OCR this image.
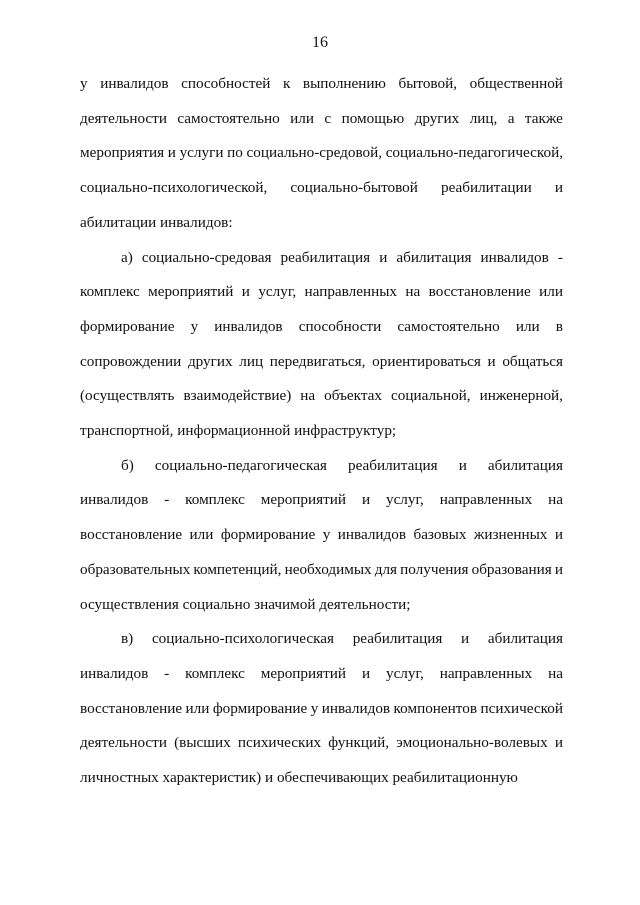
16

у инвалидов способностей к выполнению бытовой, общественной
деятельности самостоятельно или с помощью других лиц, а также
мероприятия и услуги по социально-средовой, социально-педагогической,
социально-психологической, социально-бытовой реабилитации и
абилитации инвалидов:

а) социально-средовая реабилитация и абилитация инвалидов -
комплекс мероприятий и услуг, направленных на восстановление или
формирование у инвалидов способности самостоятельно или в
сопровождении других лиц передвигаться, ориентироваться и общаться
(осуществлять взаимодействие) на объектах социальной, инженерной,
транспортной, информационной инфраструктур;

б) социально-педагогическая реабилитация и абилитация
инвалидов - комплекс мероприятий и услуг, направленных на
восстановление или формирование у инвалидов базовых жизненных и
образовательных компетенций, необходимых для получения образования и
осуществления социально значимой деятельности;

в) социально-психологическая реабилитация и абилитация
инвалидов - комплекс мероприятий и услуг, направленных на
восстановление или формирование у инвалидов компонентов психической
деятельности (высших психических функций, эмоционально-волевых и
личностных характеристик) и обеспечивающих реабилитационную
